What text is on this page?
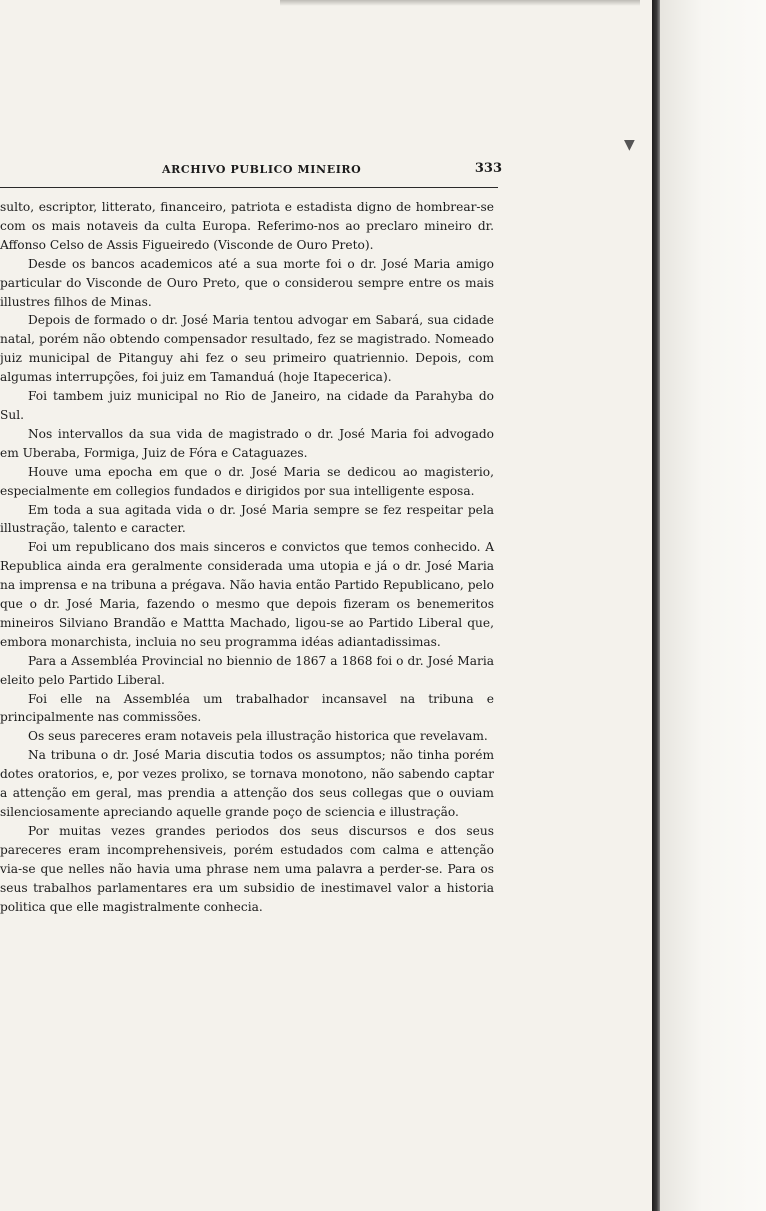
▼
ARCHIVO PUBLICO MINEIRO	333

sulto, escriptor, litterato, financeiro, patriota e estadista digno de hombrear-se com os mais notaveis da culta Europa. Referimo-nos ao preclaro mineiro dr. Affonso Celso de Assis Figueiredo (Visconde de Ouro Preto).

Desde os bancos academicos até a sua morte foi o dr. José Maria amigo particular do Visconde de Ouro Preto, que o considerou sempre entre os mais illustres filhos de Minas.

Depois de formado o dr. José Maria tentou advogar em Sabará, sua cidade natal, porém não obtendo compensador resultado, fez se magistrado. Nomeado juiz municipal de Pitanguy ahi fez o seu primeiro quatriennio. Depois, com algumas interrupções, foi juiz em Tamanduá (hoje Itapecerica).

Foi tambem juiz municipal no Rio de Janeiro, na cidade da Parahyba do Sul.

Nos intervallos da sua vida de magistrado o dr. José Maria foi advogado em Uberaba, Formiga, Juiz de Fóra e Cataguazes.

Houve uma epocha em que o dr. José Maria se dedicou ao magisterio, especialmente em collegios fundados e dirigidos por sua intelligente esposa.

Em toda a sua agitada vida o dr. José Maria sempre se fez respeitar pela illustração, talento e caracter.

Foi um republicano dos mais sinceros e convictos que temos conhecido. A Republica ainda era geralmente considerada uma utopia e já o dr. José Maria na imprensa e na tribuna a prégava. Não havia então Partido Republicano, pelo que o dr. José Maria, fazendo o mesmo que depois fizeram os benemeritos mineiros Silviano Brandão e Mattta Machado, ligou-se ao Partido Liberal que, embora monarchista, incluia no seu programma idéas adiantadissimas.

Para a Assembléa Provincial no biennio de 1867 a 1868 foi o dr. José Maria eleito pelo Partido Liberal.

Foi elle na Assembléa um trabalhador incansavel na tribuna e principalmente nas commissões.

Os seus pareceres eram notaveis pela illustração historica que revelavam.

Na tribuna o dr. José Maria discutia todos os assumptos; não tinha porém dotes oratorios, e, por vezes prolixo, se tornava monotono, não sabendo captar a attenção em geral, mas prendia a attenção dos seus collegas que o ouviam silenciosamente apreciando aquelle grande poço de sciencia e illustração.

Por muitas vezes grandes periodos dos seus discursos e dos seus pareceres eram incomprehensiveis, porém estudados com calma e attenção via-se que nelles não havia uma phrase nem uma palavra a perder-se. Para os seus trabalhos parlamentares era um subsidio de inestimavel valor a historia politica que elle magistralmente conhecia.
